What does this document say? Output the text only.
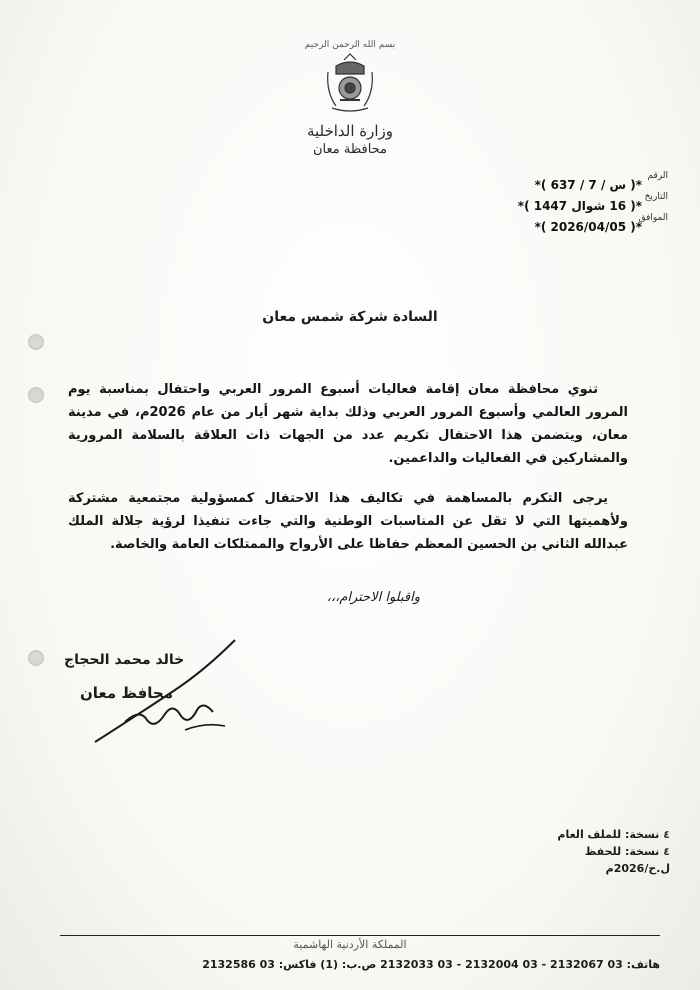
بسم الله الرحمن الرحيم
وزارة الداخلية
محافظة معان
الرقم
*( س / 7 / 637 )*
التاريخ
*( 16 شوال 1447 )*
الموافق
*( 2026/04/05 )*
السادة شركة شمس معان
تنوي محافظة معان إقامة فعاليات أسبوع المرور العربي واحتفال بمناسبة يوم المرور العالمي وأسبوع المرور العربي وذلك بداية شهر أيار من عام 2026م، في مدينة معان، ويتضمن هذا الاحتفال تكريم عدد من الجهات ذات العلاقة بالسلامة المرورية والمشاركين في الفعاليات والداعمين.
يرجى التكرم بالمساهمة في تكاليف هذا الاحتفال كمسؤولية مجتمعية مشتركة ولأهميتها التي لا تقل عن المناسبات الوطنية والتي جاءت تنفيذا لرؤية جلالة الملك عبدالله الثاني بن الحسين المعظم حفاظا على الأرواح والممتلكات العامة والخاصة.
واقبلوا الاحترام،،،
خالد محمد الحجاج
محافظ معان
٤نسخة: للملف العام
٤نسخة: للحفظ
ل.ح/2026م
المملكة الأردنية الهاشمية
هاتف: 03 2132067 - 03 2132004 - 03 2132033 ص.ب: (1) فاكس: 03 2132586
